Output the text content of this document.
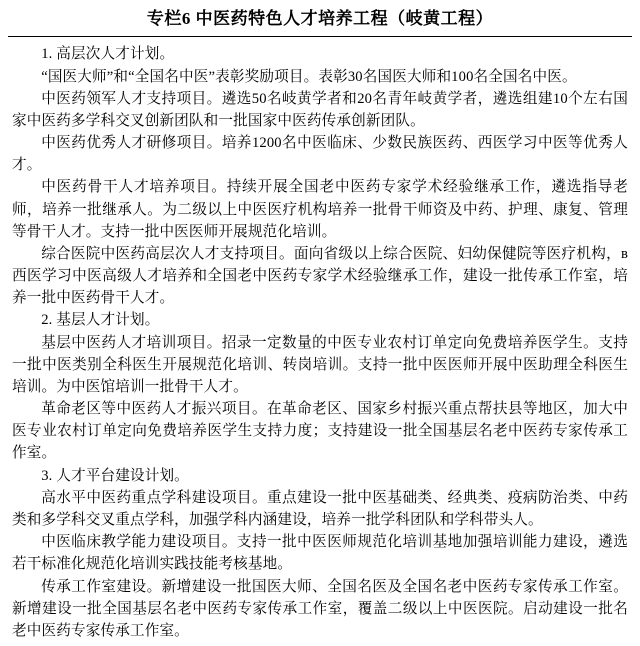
专栏6 中医药特色人才培养工程（岐黄工程）

1. 高层次人才计划。

“国医大师”和“全国名中医”表彰奖励项目。表彰30名国医大师和100名全国名中医。

中医药领军人才支持项目。遴选50名岐黄学者和20名青年岐黄学者，遴选组建10个左右国家中医药多学科交叉创新团队和一批国家中医药传承创新团队。

中医药优秀人才研修项目。培养1200名中医临床、少数民族医药、西医学习中医等优秀人才。

中医药骨干人才培养项目。持续开展全国老中医药专家学术经验继承工作，遴选指导老师，培养一批继承人。为二级以上中医医疗机构培养一批骨干师资及中药、护理、康复、管理等骨干人才。支持一批中医医师开展规范化培训。

综合医院中医药高层次人才支持项目。面向省级以上综合医院、妇幼保健院等医疗机构，в西医学习中医高级人才培养和全国老中医药专家学术经验继承工作，建设一批传承工作室，培养一批中医药骨干人才。

2. 基层人才计划。

基层中医药人才培训项目。招录一定数量的中医专业农村订单定向免费培养医学生。支持一批中医类别全科医生开展规范化培训、转岗培训。支持一批中医医师开展中医助理全科医生培训。为中医馆培训一批骨干人才。

革命老区等中医药人才振兴项目。在革命老区、国家乡村振兴重点帮扶县等地区，加大中医专业农村订单定向免费培养医学生支持力度；支持建设一批全国基层名老中医药专家传承工作室。

3. 人才平台建设计划。

高水平中医药重点学科建设项目。重点建设一批中医基础类、经典类、疫病防治类、中药类和多学科交叉重点学科，加强学科内涵建设，培养一批学科团队和学科带头人。

中医临床教学能力建设项目。支持一批中医医师规范化培训基地加强培训能力建设，遴选若干标准化规范化培训实践技能考核基地。

传承工作室建设。新增建设一批国医大师、全国名医及全国名老中医药专家传承工作室。新增建设一批全国基层名老中医药专家传承工作室，覆盖二级以上中医医院。启动建设一批名老中医药专家传承工作室。
